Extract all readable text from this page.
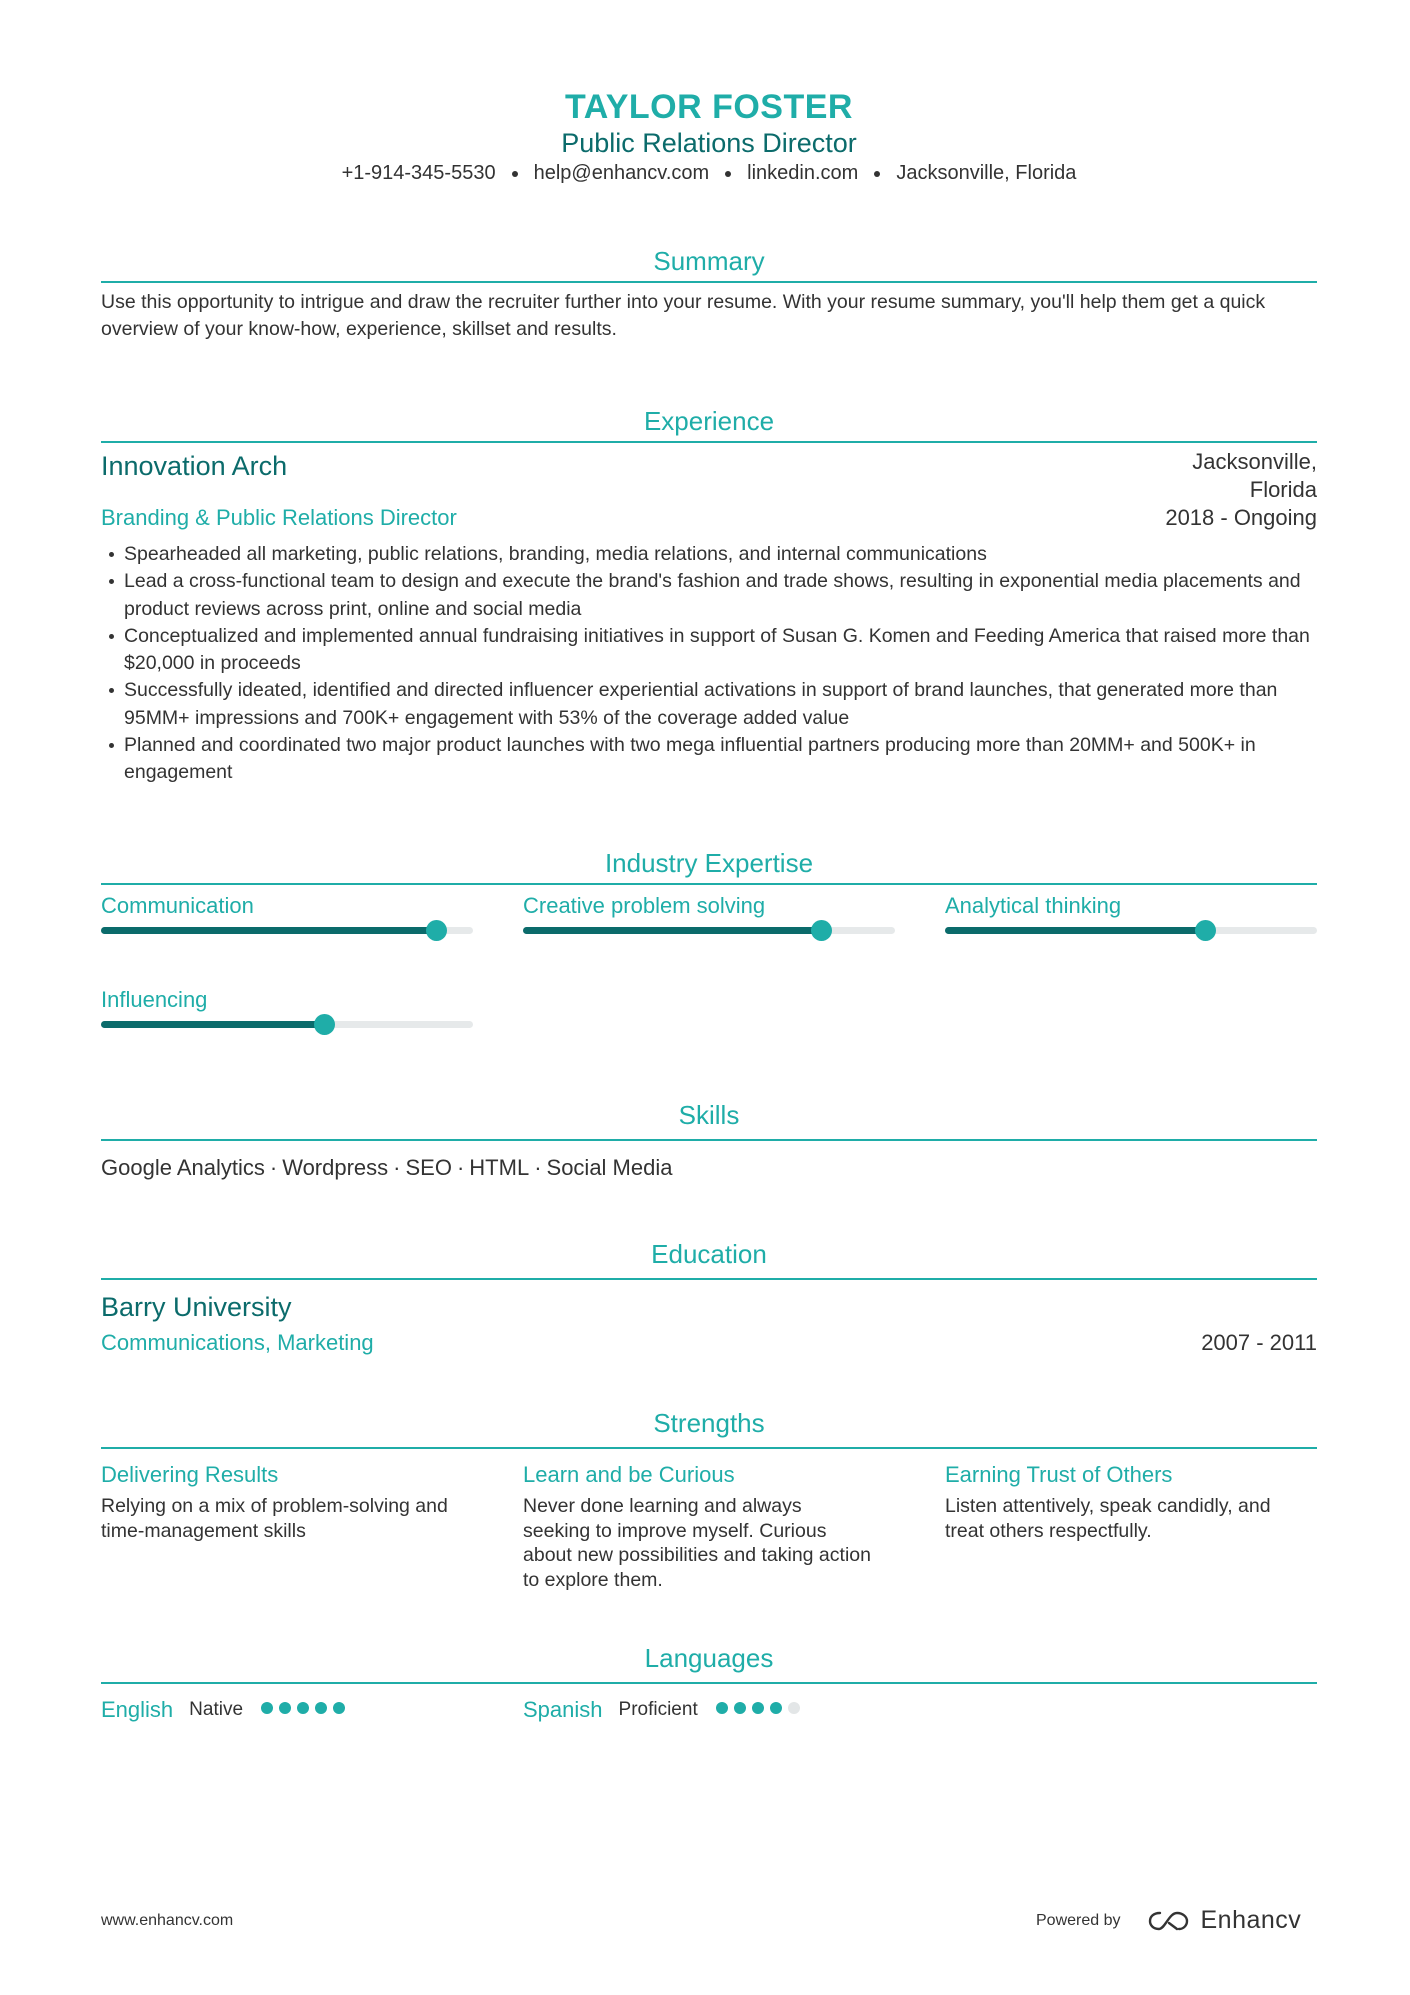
TAYLOR FOSTER
Public Relations Director
+1-914-345-5530 help@enhancv.com linkedin.com Jacksonville, Florida
Summary
Use this opportunity to intrigue and draw the recruiter further into your resume. With your resume summary, you'll help them get a quick overview of your know-how, experience, skillset and results.
Experience
Innovation Arch	Jacksonville,
Florida
Branding & Public Relations Director	2018 - Ongoing
Spearheaded all marketing, public relations, branding, media relations, and internal communications
Lead a cross-functional team to design and execute the brand's fashion and trade shows, resulting in exponential media placements and product reviews across print, online and social media
Conceptualized and implemented annual fundraising initiatives in support of Susan G. Komen and Feeding America that raised more than $20,000 in proceeds
Successfully ideated, identified and directed influencer experiential activations in support of brand launches, that generated more than 95MM+ impressions and 700K+ engagement with 53% of the coverage added value
Planned and coordinated two major product launches with two mega influential partners producing more than 20MM+ and 500K+ in engagement
Industry Expertise
Communication	Creative problem solving	Analytical thinking
Influencing
Skills
Google Analytics · Wordpress · SEO · HTML · Social Media
Education
Barry University
Communications, Marketing	2007 - 2011
Strengths
Delivering Results
Relying on a mix of problem-solving and time-management skills
Learn and be Curious
Never done learning and always seeking to improve myself. Curious about new possibilities and taking action to explore them.
Earning Trust of Others
Listen attentively, speak candidly, and treat others respectfully.
Languages
English Native	Spanish Proficient
www.enhancv.com	Powered by	Enhancv
